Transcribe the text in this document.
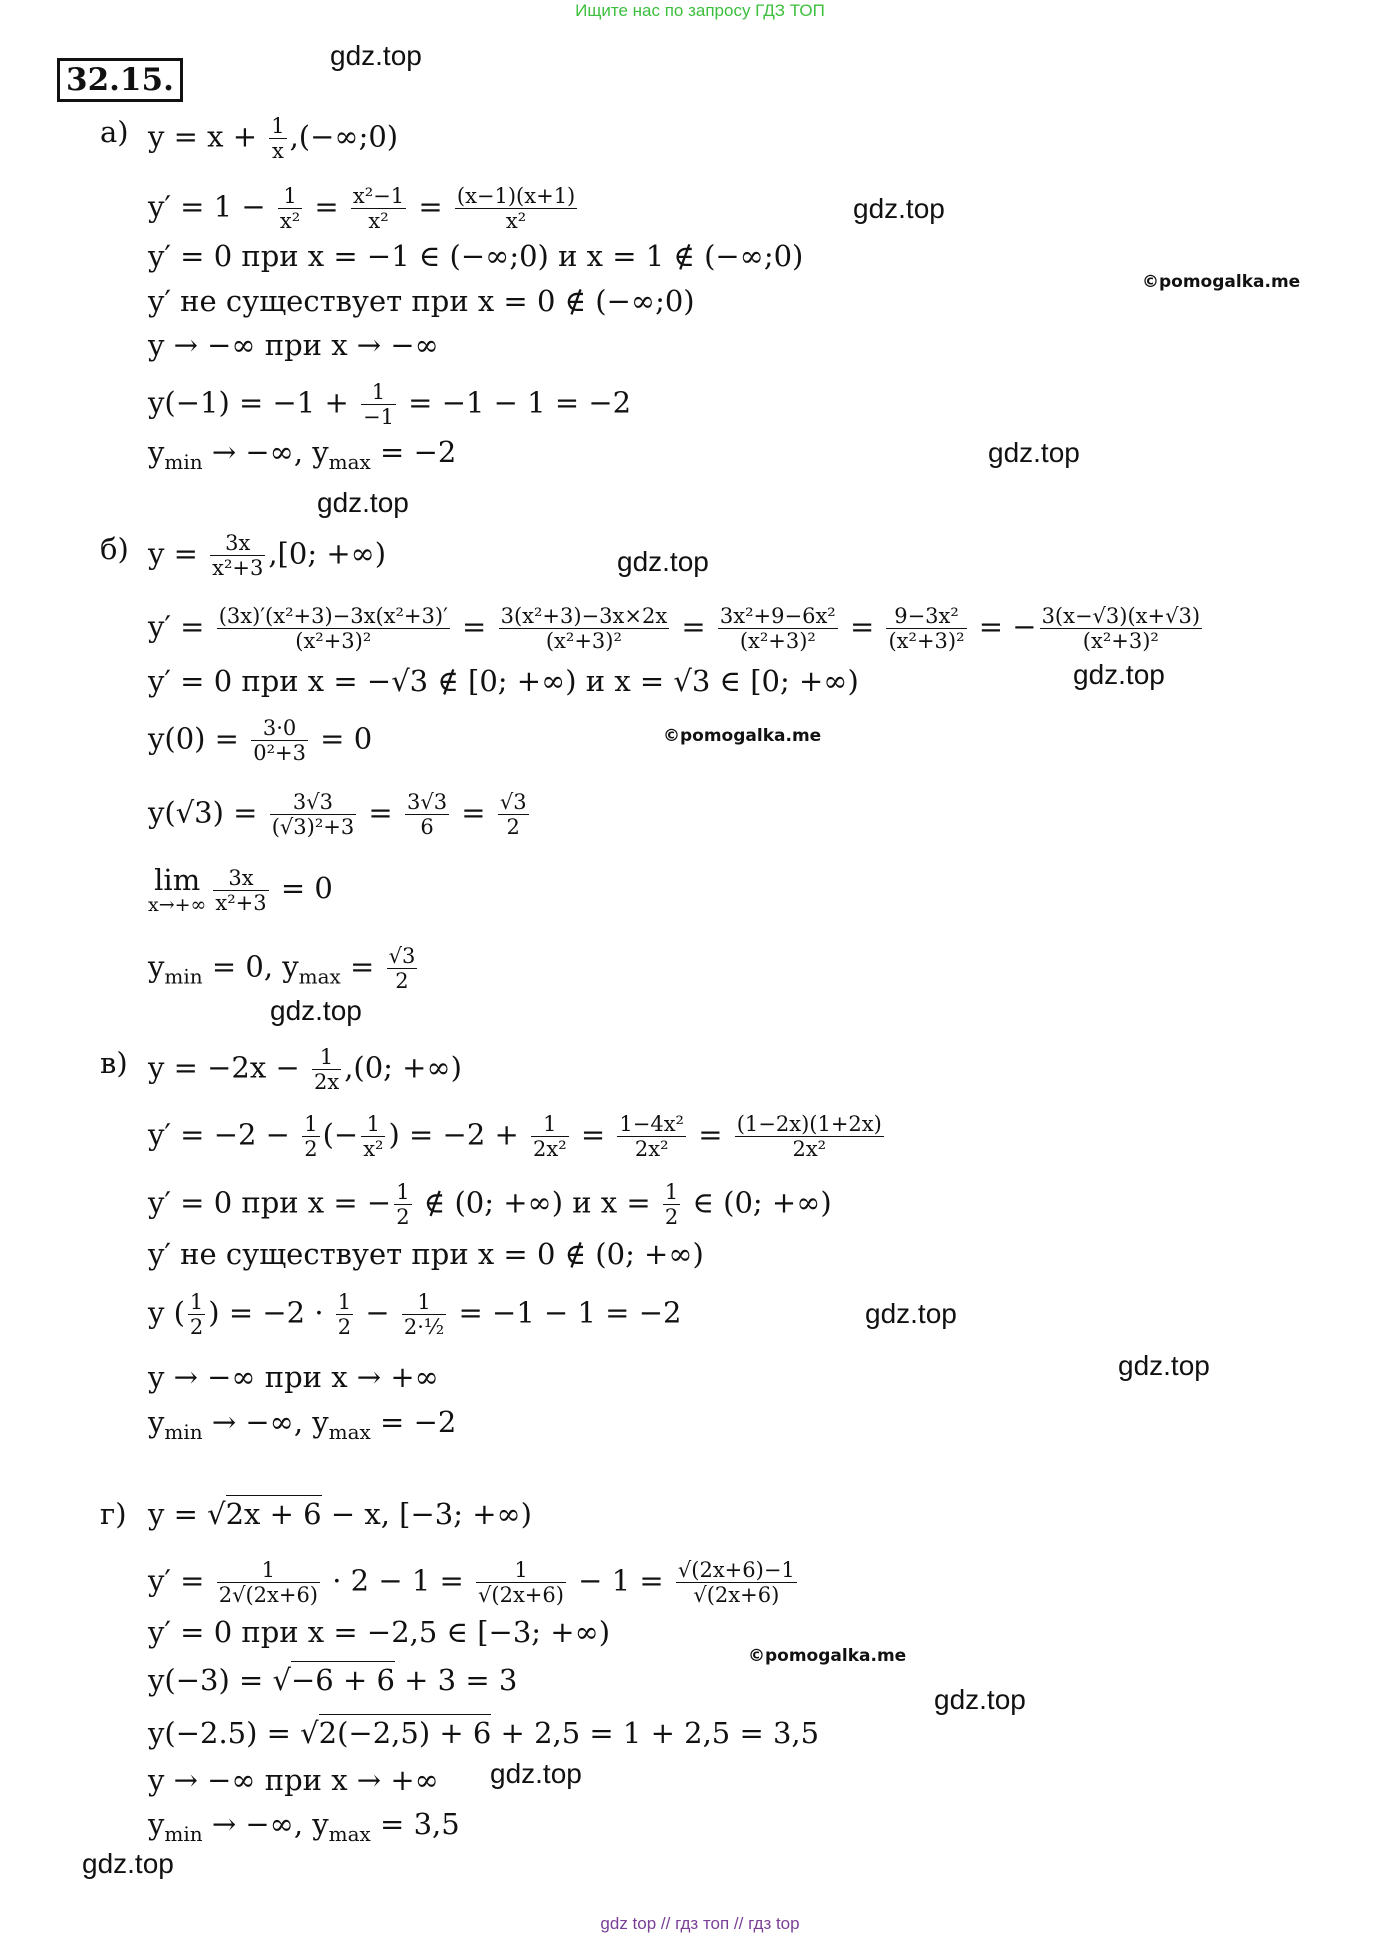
Ищите нас по запросу ГДЗ ТОП
32.15.
gdz.top
gdz.top
©pomogalka.me
gdz.top
gdz.top
gdz.top
gdz.top
©pomogalka.me
gdz.top
gdz.top
gdz.top
©pomogalka.me
gdz.top
gdz.top
gdz.top
а) $y = x + \frac{1}{x}$ ,(−∞;0)
$y' = 1 - \frac{1}{\text{x²}} = \frac{\text{x²−1}}{\text{x²}} = \frac{(x-1)(x+1)}{\text{x²}}$
y′ = 0 при x = −1 ∈ (−∞;0) и x = 1 ∉ (−∞;0)
y′ не существует при x = 0 ∉ (−∞;0)
y → −∞ при x → −∞
$y(-1) = -1 + \frac{1}{-1} = -1 - 1 = -2$
$y_{min}$ → −∞, $y_{max} = -2$
б) $y = \frac{3x}{\text{x²+3}} ,[0$; +∞)
$y' = \frac{\text{(3x)′(x²+3)−3x(x²+3)′}}{\text{(x²+3)²}} = \frac{\text{3(x²+3)−3x×2x}}{\text{(x²+3)²}} = \frac{\text{3x²+9−6x²}}{\text{(x²+3)²}} = \frac{\text{9−3x²}}{\text{(x²+3)²}}$ = − $\frac{3(x-√3)(x+√3)}{\text{(x²+3)²}}$
y′ = 0 при x = −√3 ∉ [0; +∞) и x = √3 ∈ [0; +∞)
$y(0) = \frac{3\cdot 0}{\text{0²+3}} = 0$
$y(√3) = \frac{3√3}{\text{(√3)²+3}} = \frac{3√3}{6} = \frac{√3}{2}$
lim
$x\to+\infty \frac{3x}{\text{x²+3}} = 0$
$y_{min} = 0$, $y_{max} = \frac{√3}{2}$
в) $y = -2x - \frac{1}{2x} ,(0$; +∞)
$y' = -2 - \frac{1}{2}$ (− $\frac{1}{\text{x²}}$ ) = $-2 + \frac{1}{\text{2x²}} = \frac{\text{1−4x²}}{\text{2x²}} = \frac{(1-2x)(1+2x)}{\text{2x²}}$
y′ = 0 при x = − $\frac{1}{2}$ ∉ (0; +∞) и $x = \frac{1}{2}$ ∈ (0; +∞)
y′ не существует при x = 0 ∉ (0; +∞)
y ( $\frac{1}{2}$ ) = $-2 \cdot \frac{1}{2} - \frac{1}{\text{2·½}} = -1 - 1 = -2$
y → −∞ при x → +∞
$y_{min}$ → −∞, $y_{max} = -2$
г) y = √2x + 6 − x, [−3; +∞)
$y' = \frac{1}{2√(2x+6)} \cdot 2 - 1 = \frac{1}{√(2x+6)} - 1 = \frac{√(2x+6)-1}{√(2x+6)}$
y′ = 0 при x = −2,5 ∈ [−3; +∞)
y(−3) = √−6 + 6 + 3 = 3
y(−2.5) = √2(−2,5) + 6 + 2,5 = 1 + 2,5 = 3,5
y → −∞ при x → +∞
$y_{min}$ → −∞, $y_{max} = 3,5$
gdz top // гдз топ // гдз top
